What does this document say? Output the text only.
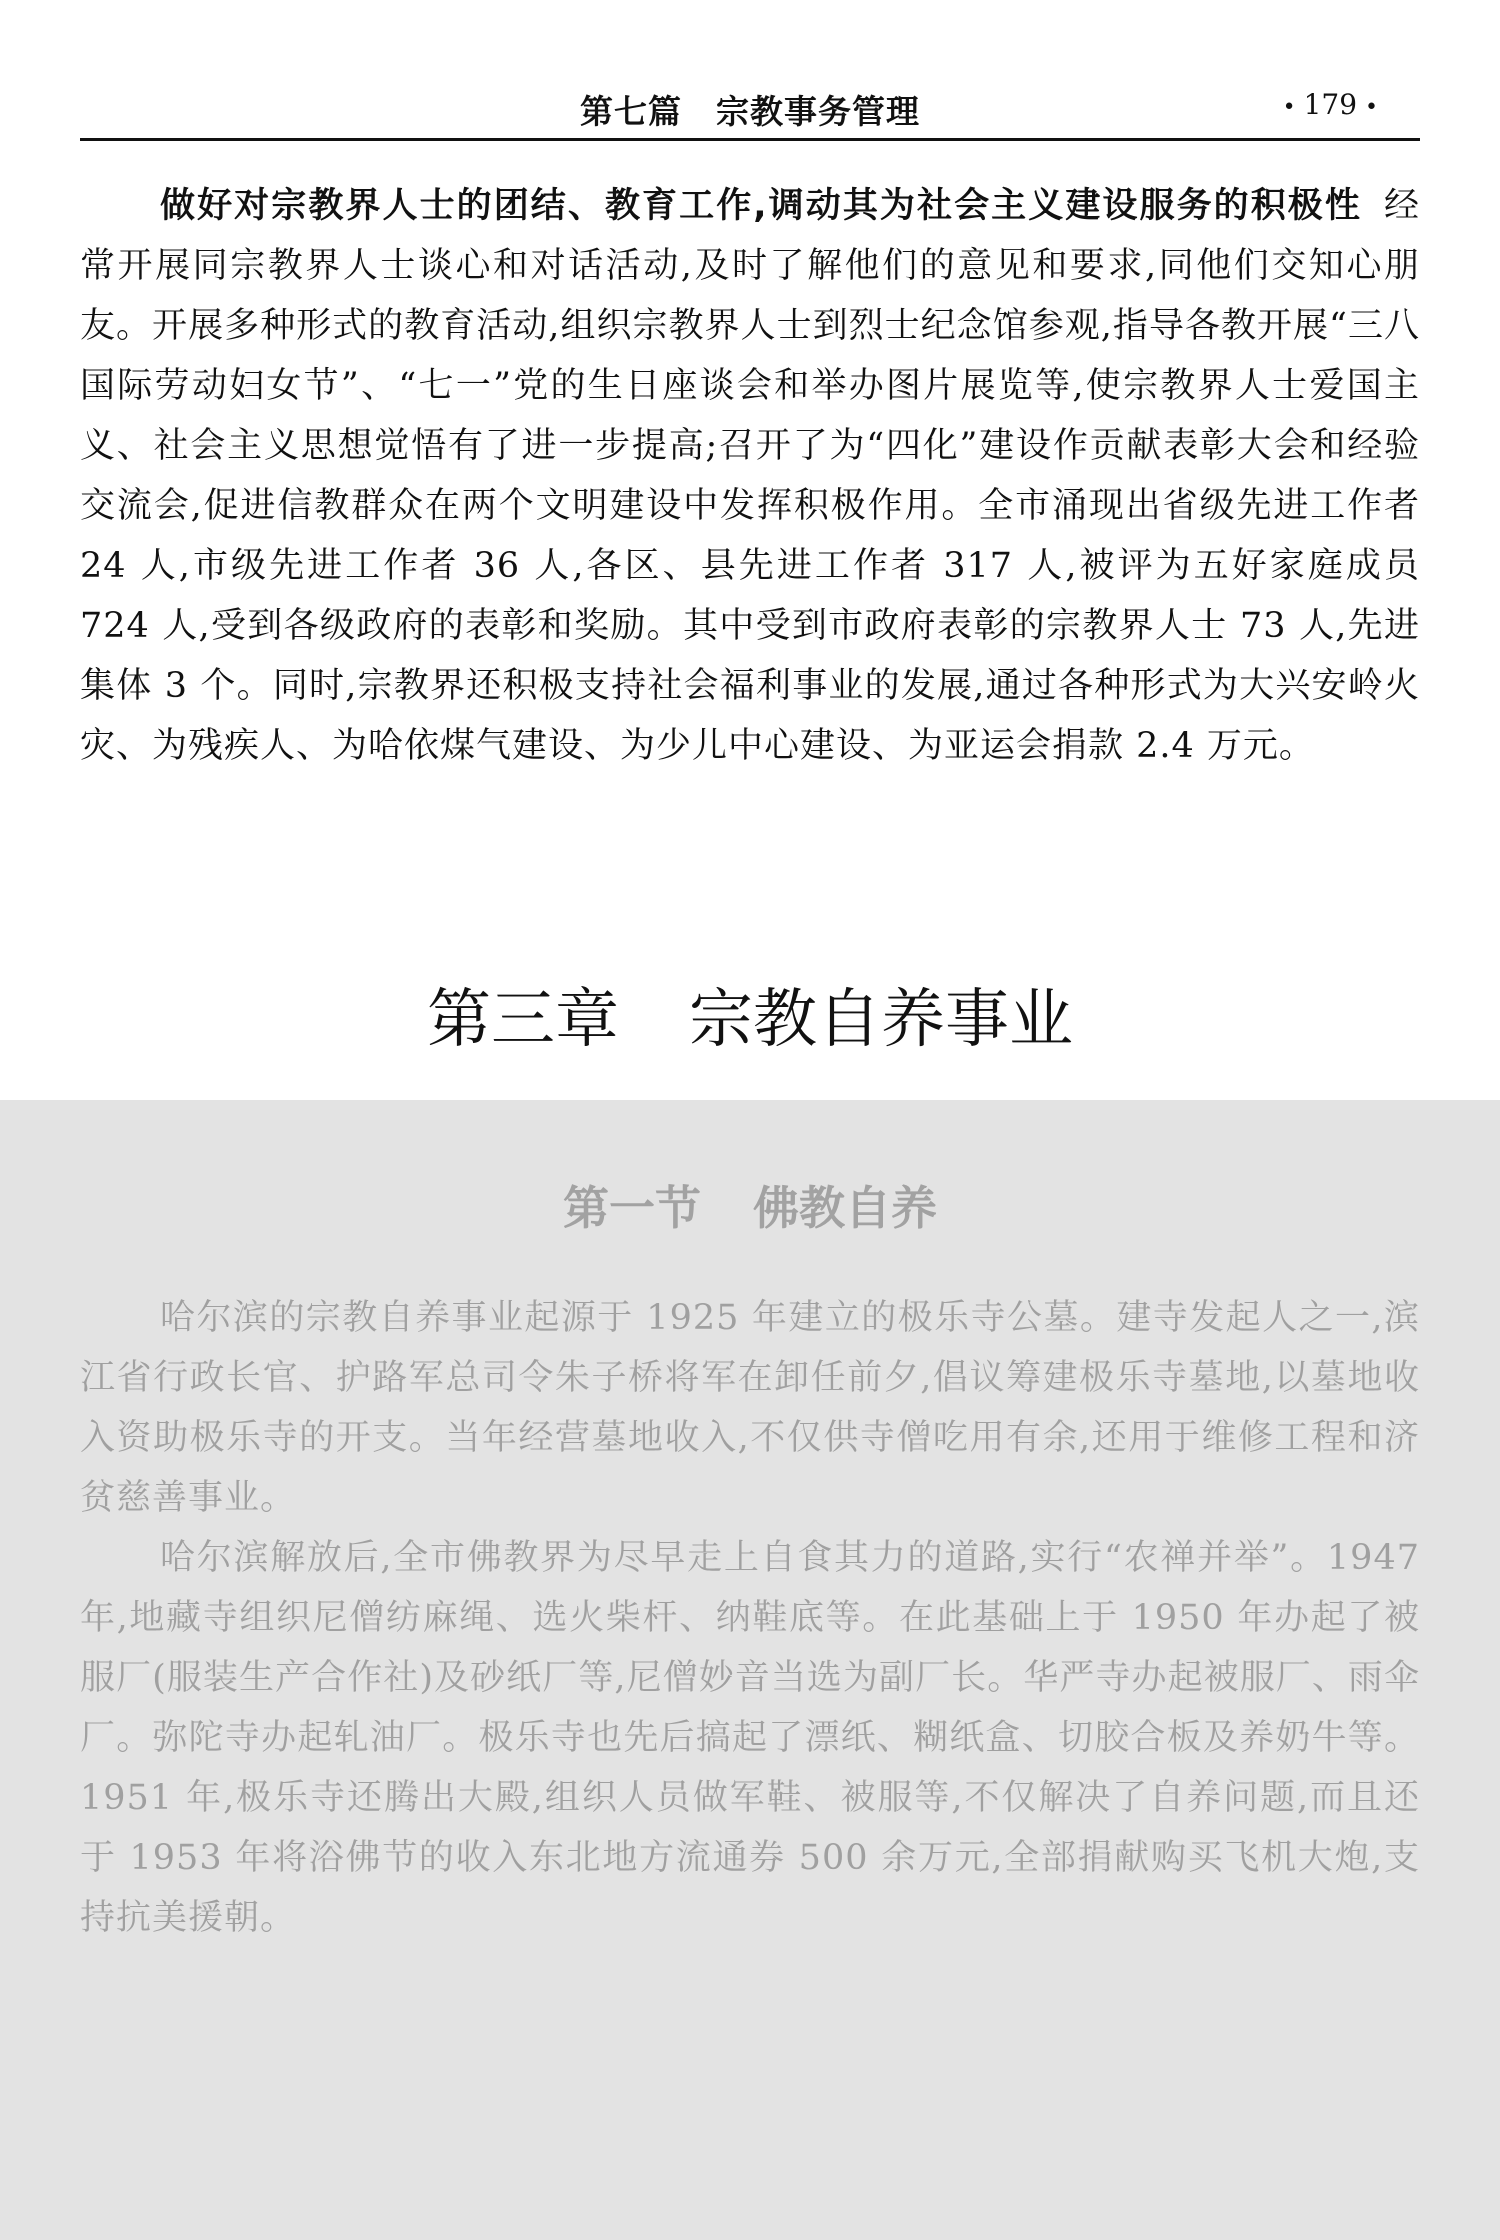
第七篇 宗教事务管理	• 179 •

做好对宗教界人士的团结、教育工作,调动其为社会主义建设服务的积极性 经常开展同宗教界人士谈心和对话活动,及时了解他们的意见和要求,同他们交知心朋友。开展多种形式的教育活动,组织宗教界人士到烈士纪念馆参观,指导各教开展“三八国际劳动妇女节”、“七一”党的生日座谈会和举办图片展览等,使宗教界人士爱国主义、社会主义思想觉悟有了进一步提高;召开了为“四化”建设作贡献表彰大会和经验交流会,促进信教群众在两个文明建设中发挥积极作用。全市涌现出省级先进工作者 24 人,市级先进工作者 36 人,各区、县先进工作者 317 人,被评为五好家庭成员 724 人,受到各级政府的表彰和奖励。其中受到市政府表彰的宗教界人士 73 人,先进集体 3 个。同时,宗教界还积极支持社会福利事业的发展,通过各种形式为大兴安岭火灾、为残疾人、为哈依煤气建设、为少儿中心建设、为亚运会捐款 2.4 万元。

第三章 宗教自养事业
第一节 佛教自养

哈尔滨的宗教自养事业起源于 1925 年建立的极乐寺公墓。建寺发起人之一,滨江省行政长官、护路军总司令朱子桥将军在卸任前夕,倡议筹建极乐寺墓地,以墓地收入资助极乐寺的开支。当年经营墓地收入,不仅供寺僧吃用有余,还用于维修工程和济贫慈善事业。

哈尔滨解放后,全市佛教界为尽早走上自食其力的道路,实行“农禅并举”。1947 年,地藏寺组织尼僧纺麻绳、选火柴杆、纳鞋底等。在此基础上于 1950 年办起了被服厂(服装生产合作社)及砂纸厂等,尼僧妙音当选为副厂长。华严寺办起被服厂、雨伞厂。弥陀寺办起轧油厂。极乐寺也先后搞起了漂纸、糊纸盒、切胶合板及养奶牛等。1951 年,极乐寺还腾出大殿,组织人员做军鞋、被服等,不仅解决了自养问题,而且还于 1953 年将浴佛节的收入东北地方流通券 500 余万元,全部捐献购买飞机大炮,支持抗美援朝。
